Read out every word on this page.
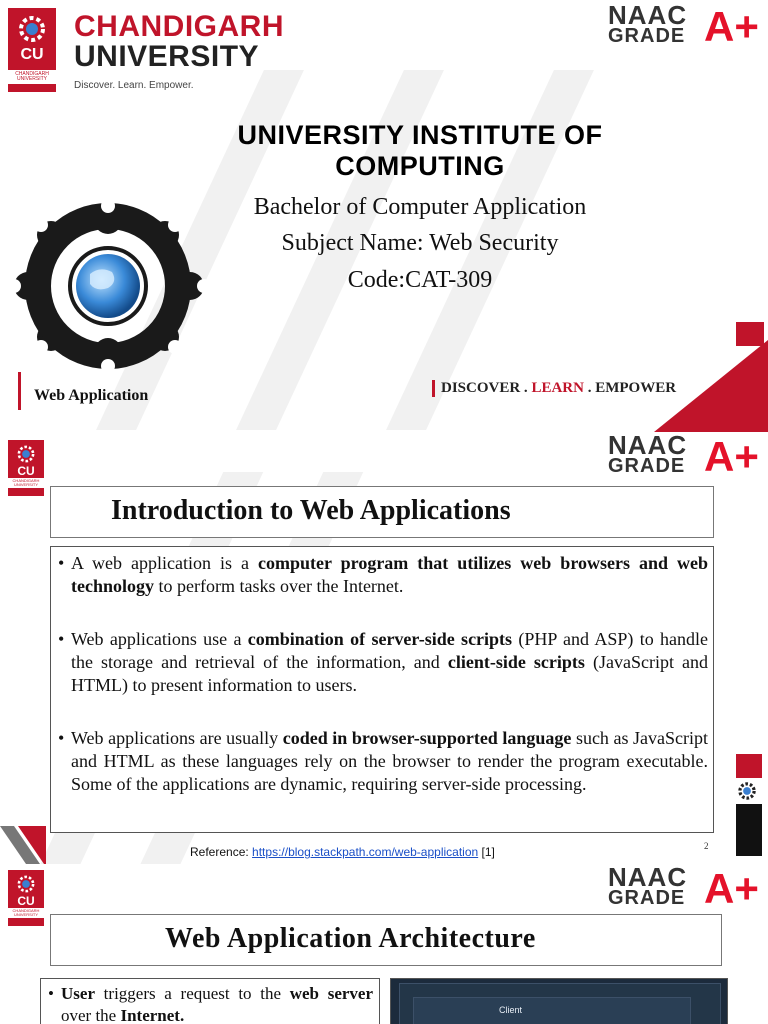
CU
CHANDIGARH UNIVERSITY
CHANDIGARH
UNIVERSITY
Discover. Learn. Empower.
NAAC
GRADE A+
UNIVERSITY INSTITUTE OF COMPUTING
Bachelor of Computer Application
Subject Name: Web Security
Code:CAT-309
Web Application	DISCOVER . LEARN . EMPOWER
CU
CHANDIGARH UNIVERSITY
NAAC
GRADE A+
Introduction to Web Applications
• A web application is a computer program that utilizes web browsers and web technology to perform tasks over the Internet.
• Web applications use a combination of server-side scripts (PHP and ASP) to handle the storage and retrieval of the information, and client-side scripts (JavaScript and HTML) to present information to users.
• Web applications are usually coded in browser-supported language such as JavaScript and HTML as these languages rely on the browser to render the program executable. Some of the applications are dynamic, requiring server-side processing.
Reference: https://blog.stackpath.com/web-application [1]	2
CU
CHANDIGARH UNIVERSITY
NAAC
GRADE A+
Web Application Architecture
• User triggers a request to the web server over the Internet.	Client
